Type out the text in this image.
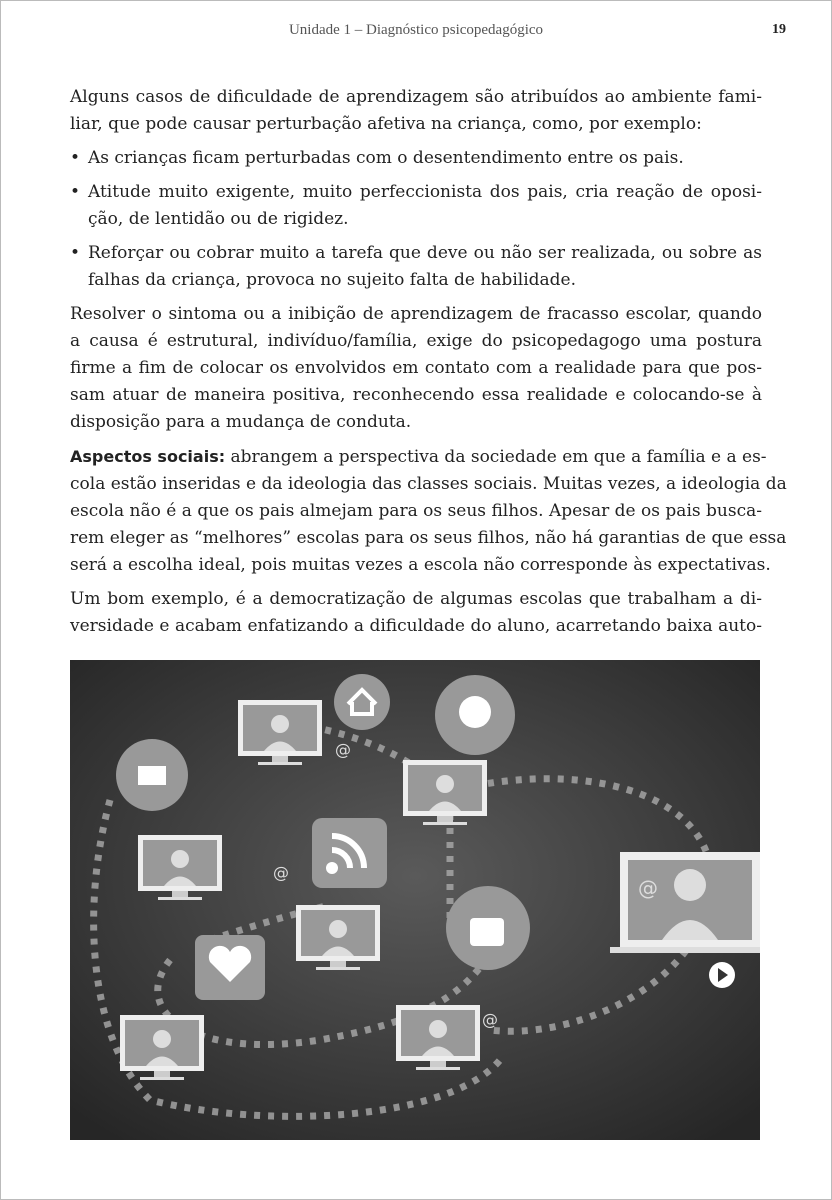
Unidade 1 – Diagnóstico psicopedagógico	19
Alguns casos de dificuldade de aprendizagem são atribuídos ao ambiente fami-
liar, que pode causar perturbação afetiva na criança, como, por exemplo:
• As crianças ficam perturbadas com o desentendimento entre os pais.
• Atitude muito exigente, muito perfeccionista dos pais, cria reação de oposi-
ção, de lentidão ou de rigidez.
• Reforçar ou cobrar muito a tarefa que deve ou não ser realizada, ou sobre as
falhas da criança, provoca no sujeito falta de habilidade.
Resolver o sintoma ou a inibição de aprendizagem de fracasso escolar, quando
a causa é estrutural, indivíduo/família, exige do psicopedagogo uma postura
firme a fim de colocar os envolvidos em contato com a realidade para que pos-
sam atuar de maneira positiva, reconhecendo essa realidade e colocando-se à
disposição para a mudança de conduta.
Aspectos sociais: abrangem a perspectiva da sociedade em que a família e a es-
cola estão inseridas e da ideologia das classes sociais. Muitas vezes, a ideologia da
escola não é a que os pais almejam para os seus filhos. Apesar de os pais busca-
rem eleger as “melhores” escolas para os seus filhos, não há garantias de que essa
será a escolha ideal, pois muitas vezes a escola não corresponde às expectativas.
Um bom exemplo, é a democratização de algumas escolas que trabalham a di-
versidade e acabam enfatizando a dificuldade do aluno, acarretando baixa auto-
@
@
@
@
